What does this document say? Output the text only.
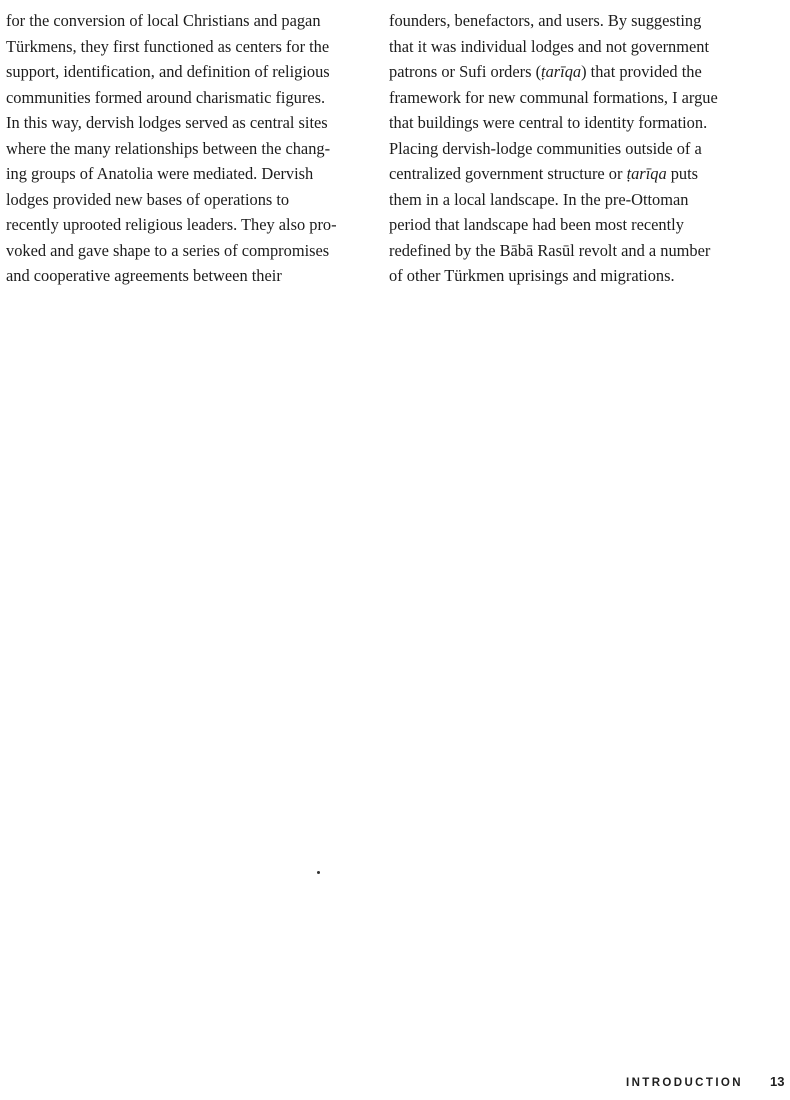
for the conversion of local Christians and pagan
Türkmens, they first functioned as centers for the
support, identification, and definition of religious
communities formed around charismatic figures.
In this way, dervish lodges served as central sites
where the many relationships between the chang-
ing groups of Anatolia were mediated. Dervish
lodges provided new bases of operations to
recently uprooted religious leaders. They also pro-
voked and gave shape to a series of compromises
and cooperative agreements between their
founders, benefactors, and users. By suggesting
that it was individual lodges and not government
patrons or Sufi orders (ṭarīqa) that provided the
framework for new communal formations, I argue
that buildings were central to identity formation.
Placing dervish-lodge communities outside of a
centralized government structure or ṭarīqa puts
them in a local landscape. In the pre-Ottoman
period that landscape had been most recently
redefined by the Bābā Rasūl revolt and a number
of other Türkmen uprisings and migrations.
INTRODUCTION 13
